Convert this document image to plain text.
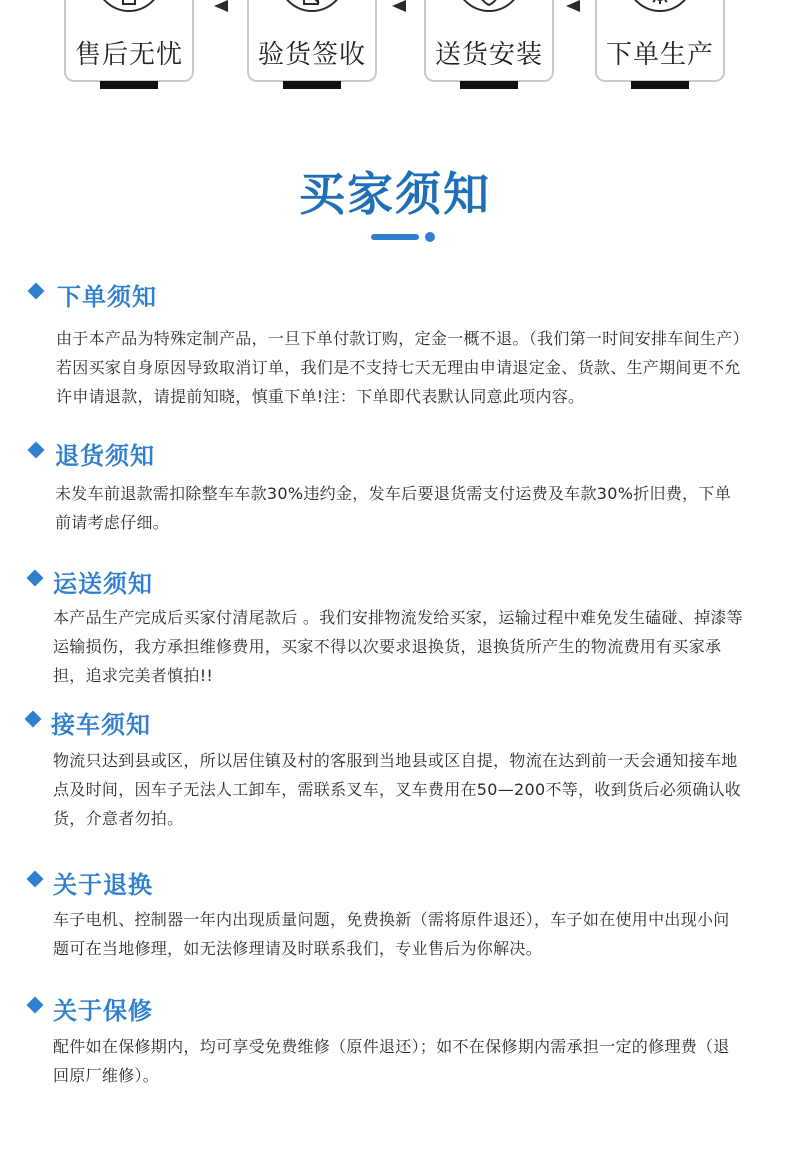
售后无忧	验货签收	送货安装	下单生产
买家须知
下单须知
由于本产品为特殊定制产品，一旦下单付款订购，定金一概不退。（我们第一时间安排车间生产）若因买家自身原因导致取消订单，我们是不支持七天无理由申请退定金、货款、生产期间更不允许申请退款，请提前知晓，慎重下单!注：下单即代表默认同意此项内容。
退货须知
未发车前退款需扣除整车车款30%违约金，发车后要退货需支付运费及车款30%折旧费，下单前请考虑仔细。
运送须知
本产品生产完成后买家付清尾款后 。我们安排物流发给买家，运输过程中难免发生磕碰、掉漆等运输损伤，我方承担维修费用，买家不得以次要求退换货，退换货所产生的物流费用有买家承担，追求完美者慎拍!!
接车须知
物流只达到县或区，所以居住镇及村的客服到当地县或区自提，物流在达到前一天会通知接车地点及时间，因车子无法人工卸车，需联系叉车，叉车费用在50—200不等，收到货后必须确认收货，介意者勿拍。
关于退换
车子电机、控制器一年内出现质量问题，免费换新（需将原件退还），车子如在使用中出现小问题可在当地修理，如无法修理请及时联系我们，专业售后为你解决。
关于保修
配件如在保修期内，均可享受免费维修（原件退还）；如不在保修期内需承担一定的修理费（退回原厂维修）。
